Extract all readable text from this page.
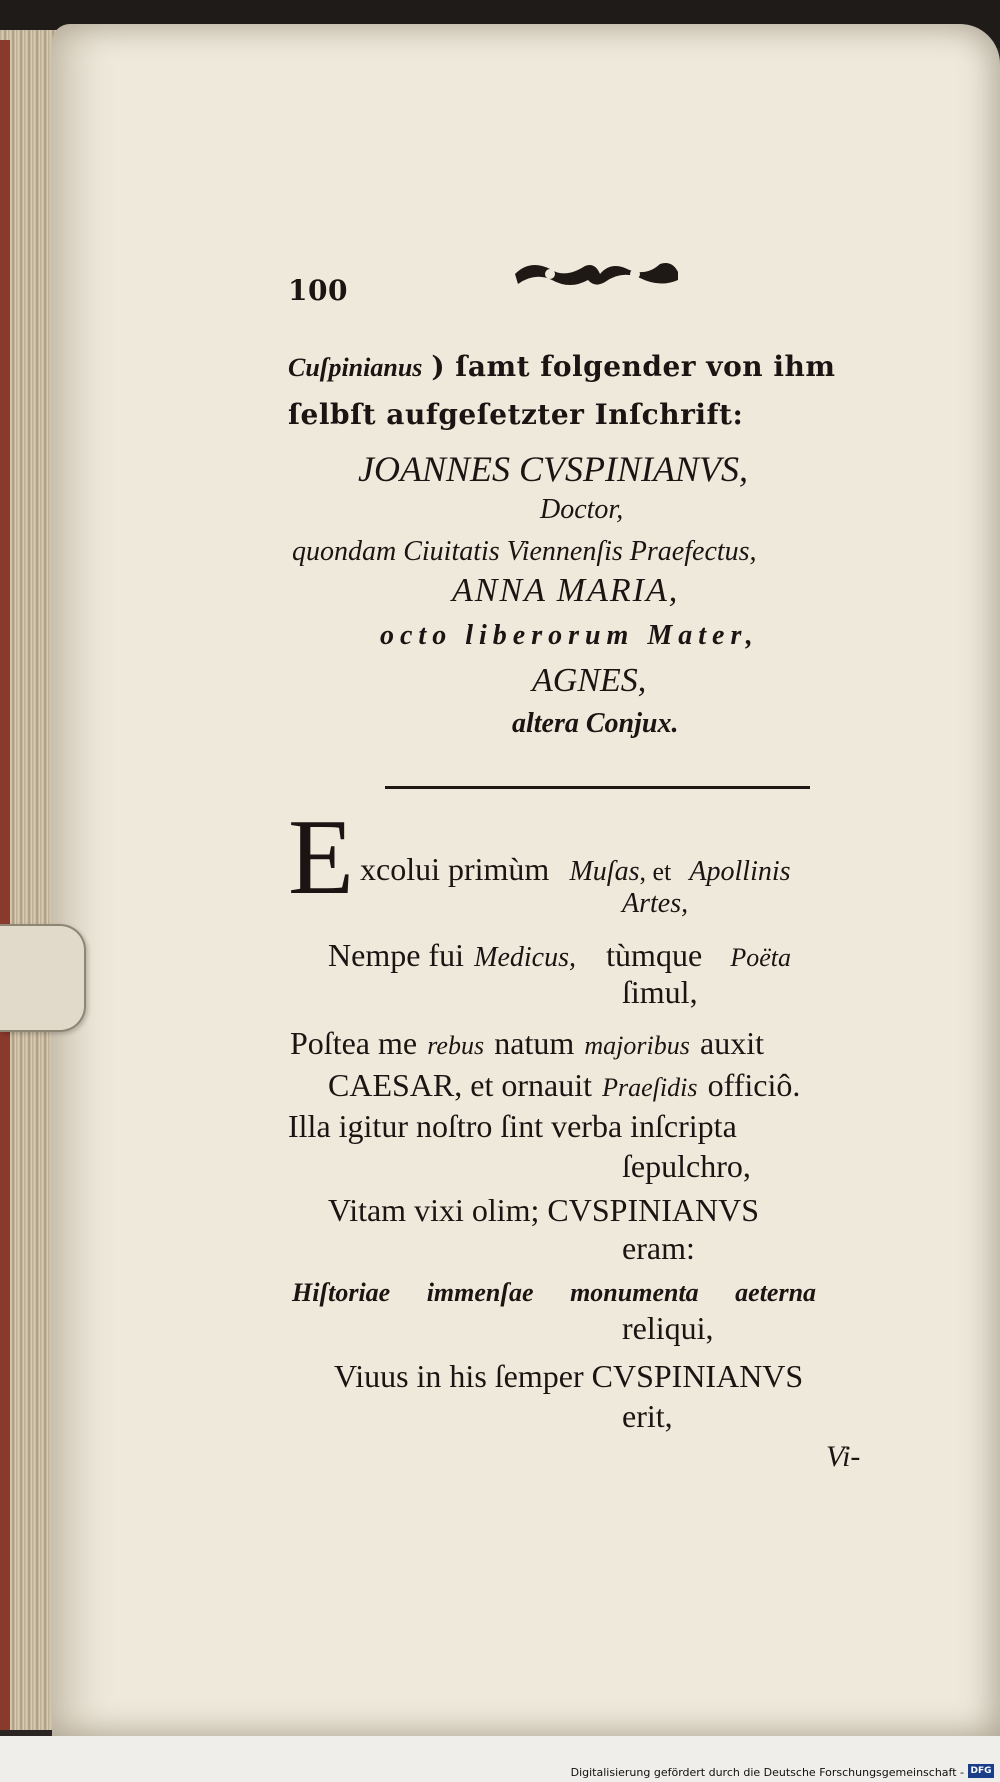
100
Cuſpinianus ) ſamt folgender von ihm
ſelbſt aufgeſetzter Inſchrift:
JOANNES CVSPINIANVS,
Doctor,
quondam Ciuitatis Viennenſis Praefectus,
ANNA MARIA,
octo liberorum Mater,
AGNES,
altera Conjux.
E xcolui primùm Muſas, et Apollinis
Artes,
Nempe fui Medicus, tùmque Poëta
ſimul,
Poſtea me rebus natum majoribus auxit
CAESAR, et ornauit Praeſidis officiô.
Illa igitur noſtro ſint verba inſcripta
ſepulchro,
Vitam vixi olim; CVSPINIANVS
eram:
Hiſtoriae immenſae monumenta aeterna
reliqui,
Viuus in his ſemper CVSPINIANVS
erit,
Vi-
Digitalisierung gefördert durch die Deutsche Forschungsgemeinschaft - DFG
